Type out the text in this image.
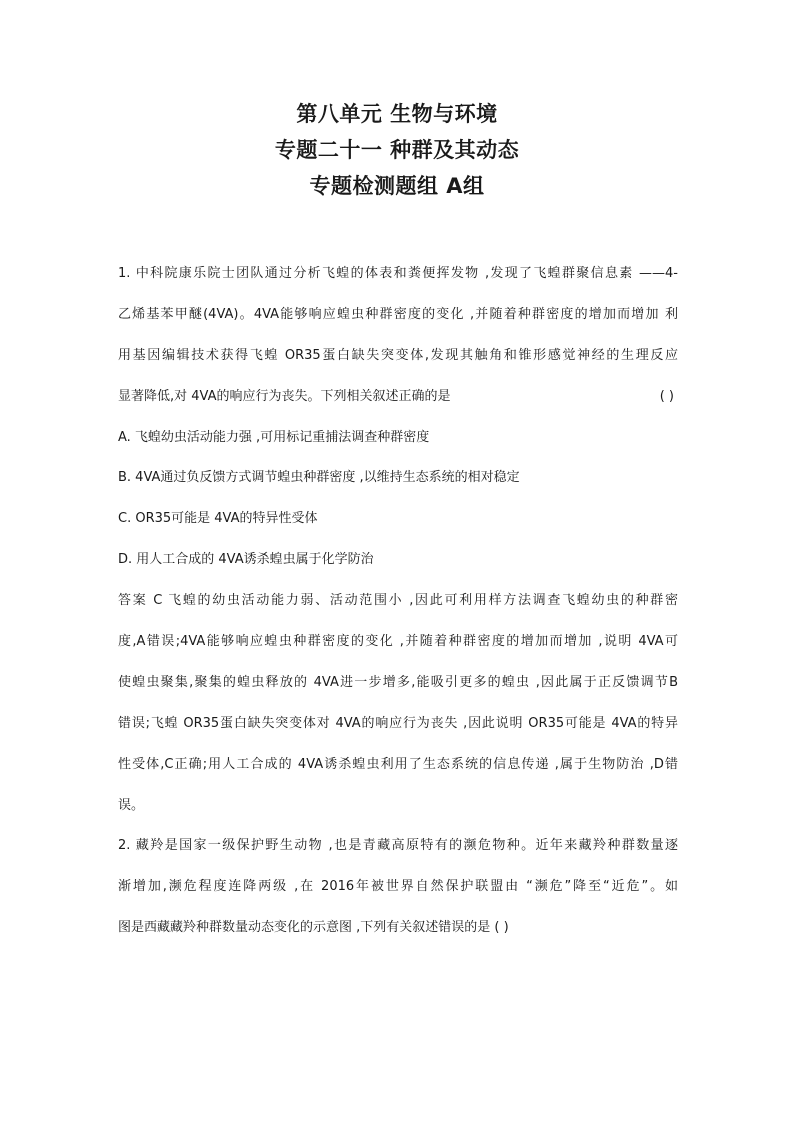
第八单元 生物与环境
专题二十一 种群及其动态
专题检测题组 A组
1. 中科院康乐院士团队通过分析飞蝗的体表和粪便挥发物 ,发现了飞蝗群聚信息素 ——4-
乙烯基苯甲醚(4VA)。4VA能够响应蝗虫种群密度的变化 ,并随着种群密度的增加而增加 利
用基因编辑技术获得飞蝗 OR35蛋白缺失突变体,发现其触角和锥形感觉神经的生理反应
显著降低,对 4VA的响应行为丧失。下列相关叙述正确的是	( )
A. 飞蝗幼虫活动能力强 ,可用标记重捕法调查种群密度
B. 4VA通过负反馈方式调节蝗虫种群密度 ,以维持生态系统的相对稳定
C. OR35可能是 4VA的特异性受体
D. 用人工合成的 4VA诱杀蝗虫属于化学防治
答案 C 飞蝗的幼虫活动能力弱、活动范围小 ,因此可利用样方法调查飞蝗幼虫的种群密
度,A错误;4VA能够响应蝗虫种群密度的变化 ,并随着种群密度的增加而增加 ,说明 4VA可
使蝗虫聚集,聚集的蝗虫释放的 4VA进一步增多,能吸引更多的蝗虫 ,因此属于正反馈调节B
错误;飞蝗 OR35蛋白缺失突变体对 4VA的响应行为丧失 ,因此说明 OR35可能是 4VA的特异
性受体,C正确;用人工合成的 4VA诱杀蝗虫利用了生态系统的信息传递 ,属于生物防治 ,D错
误。
2. 藏羚是国家一级保护野生动物 ,也是青藏高原特有的濒危物种。近年来藏羚种群数量逐
渐增加,濒危程度连降两级 ,在 2016年被世界自然保护联盟由 “濒危”降至“近危”。如
图是西藏藏羚种群数量动态变化的示意图 ,下列有关叙述错误的是 ( )
